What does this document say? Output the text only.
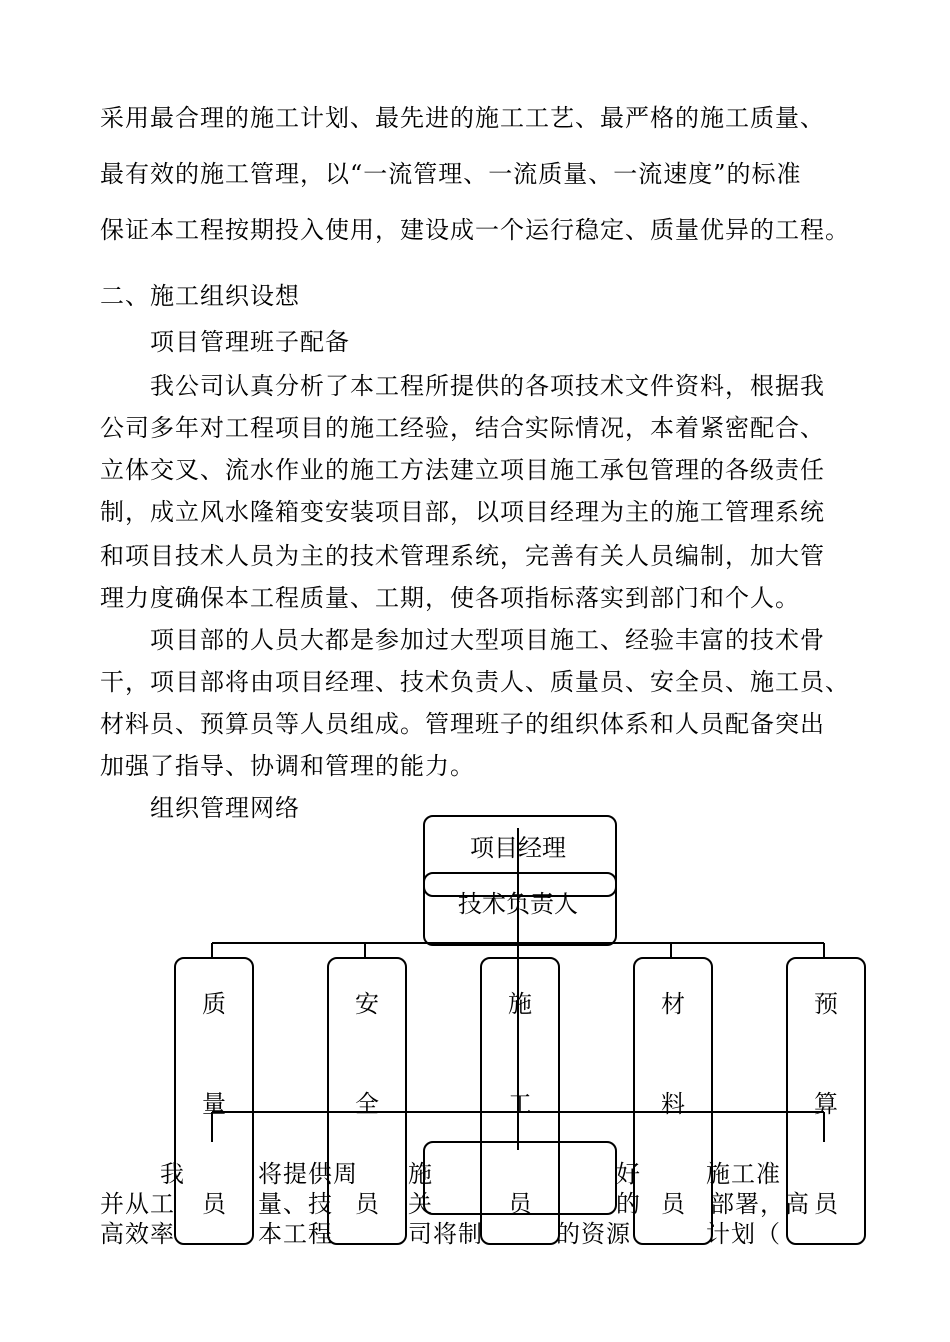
采用最合理的施工计划、最先进的施工工艺、最严格的施工质量、
最有效的施工管理，以“一流管理、一流质量、一流速度”的标准
保证本工程按期投入使用，建设成一个运行稳定、质量优异的工程。
二、施工组织设想
项目管理班子配备
我公司认真分析了本工程所提供的各项技术文件资料，根据我
公司多年对工程项目的施工经验，结合实际情况，本着紧密配合、
立体交叉、流水作业的施工方法建立项目施工承包管理的各级责任
制，成立风水隆箱变安装项目部，以项目经理为主的施工管理系统
和项目技术人员为主的技术管理系统，完善有关人员编制，加大管
理力度确保本工程质量、工期，使各项指标落实到部门和个人。
项目部的人员大都是参加过大型项目施工、经验丰富的技术骨
干，项目部将由项目经理、技术负责人、质量员、安全员、施工员、
材料员、预算员等人员组成。管理班子的组织体系和人员配备突出
加强了指导、协调和管理的能力。
组织管理网络
我	将提供周 施	好	施工准
并从工	量、技	关	的	部署，高
高效率	本工程	司将制	的资源	计划（
项目经理
技术负责人
质
量
员
安
全
员
施
工
员
材
料
员
预
算
员
